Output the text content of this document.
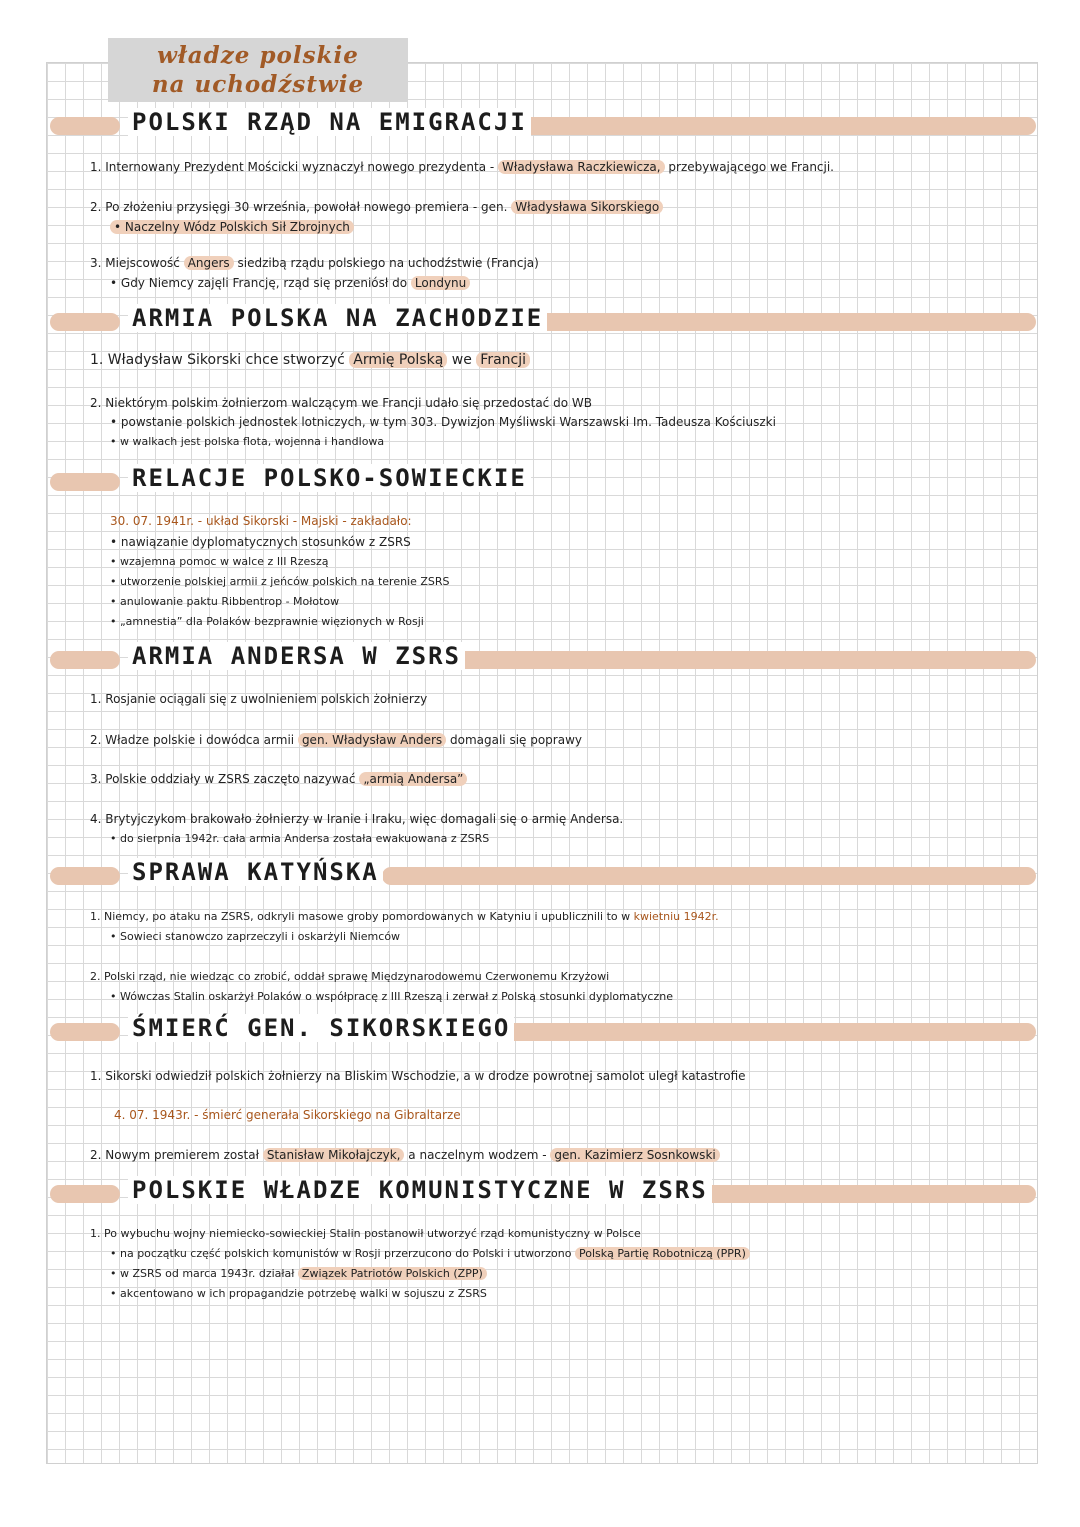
władze polskie
na uchodźstwie
POLSKI RZĄD NA EMIGRACJI
1. Internowany Prezydent Mościcki wyznaczył nowego prezydenta - Władysława Raczkiewicza, przebywającego we Francji.
2. Po złożeniu przysięgi 30 września, powołał nowego premiera - gen. Władysława Sikorskiego
• Naczelny Wódz Polskich Sił Zbrojnych
3. Miejscowość Angers siedzibą rządu polskiego na uchodźstwie (Francja)
• Gdy Niemcy zajęli Francję, rząd się przeniósł do Londynu
ARMIA POLSKA NA ZACHODZIE
1. Władysław Sikorski chce stworzyć Armię Polską we Francji
2. Niektórym polskim żołnierzom walczącym we Francji udało się przedostać do WB
• powstanie polskich jednostek lotniczych, w tym 303. Dywizjon Myśliwski Warszawski Im. Tadeusza Kościuszki
• w walkach jest polska flota, wojenna i handlowa
RELACJE POLSKO-SOWIECKIE
30. 07. 1941r. - układ Sikorski - Majski - zakładało:
• nawiązanie dyplomatycznych stosunków z ZSRS
• wzajemna pomoc w walce z III Rzeszą
• utworzenie polskiej armii z jeńców polskich na terenie ZSRS
• anulowanie paktu Ribbentrop - Mołotow
• „amnestia” dla Polaków bezprawnie więzionych w Rosji
ARMIA ANDERSA W ZSRS
1. Rosjanie ociągali się z uwolnieniem polskich żołnierzy
2. Władze polskie i dowódca armii gen. Władysław Anders domagali się poprawy
3. Polskie oddziały w ZSRS zaczęto nazywać „armią Andersa”
4. Brytyjczykom brakowało żołnierzy w Iranie i Iraku, więc domagali się o armię Andersa.
• do sierpnia 1942r. cała armia Andersa została ewakuowana z ZSRS
SPRAWA KATYŃSKA
1. Niemcy, po ataku na ZSRS, odkryli masowe groby pomordowanych w Katyniu i upublicznili to w kwietniu 1942r.
• Sowieci stanowczo zaprzeczyli i oskarżyli Niemców
2. Polski rząd, nie wiedząc co zrobić, oddał sprawę Międzynarodowemu Czerwonemu Krzyżowi
• Wówczas Stalin oskarżył Polaków o współpracę z III Rzeszą i zerwał z Polską stosunki dyplomatyczne
ŚMIERĆ GEN. SIKORSKIEGO
1. Sikorski odwiedził polskich żołnierzy na Bliskim Wschodzie, a w drodze powrotnej samolot uległ katastrofie
4. 07. 1943r. - śmierć generała Sikorskiego na Gibraltarze
2. Nowym premierem został Stanisław Mikołajczyk, a naczelnym wodzem - gen. Kazimierz Sosnkowski
POLSKIE WŁADZE KOMUNISTYCZNE W ZSRS
1. Po wybuchu wojny niemiecko-sowieckiej Stalin postanowił utworzyć rząd komunistyczny w Polsce
• na początku część polskich komunistów w Rosji przerzucono do Polski i utworzono Polską Partię Robotniczą (PPR)
• w ZSRS od marca 1943r. działał Związek Patriotów Polskich (ZPP)
• akcentowano w ich propagandzie potrzebę walki w sojuszu z ZSRS
